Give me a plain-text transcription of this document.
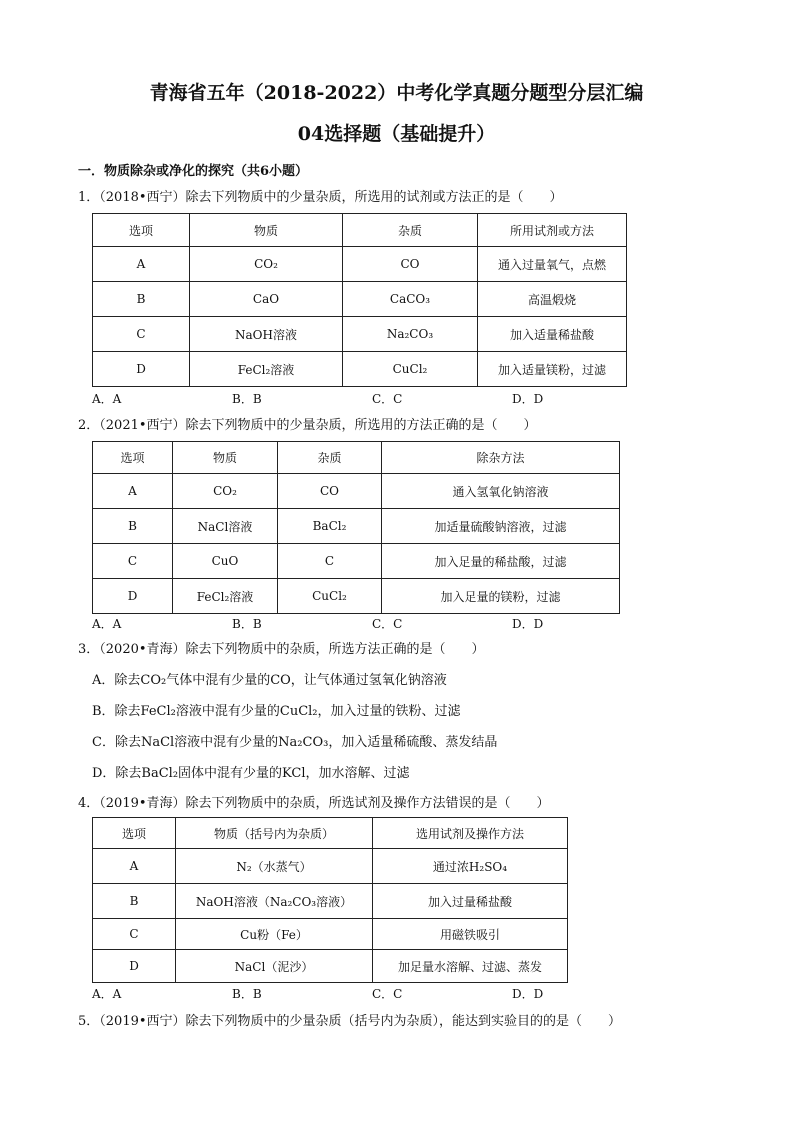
青海省五年（2018-2022）中考化学真题分题型分层汇编
04选择题（基础提升）
一．物质除杂或净化的探究（共6小题）
1．（2018•西宁）除去下列物质中的少量杂质，所选用的试剂或方法正的是（　　）
选项	物质	杂质	所用试剂或方法
A	CO₂	CO	通入过量氧气，点燃
B	CaO	CaCO₃	高温煅烧
C	NaOH溶液	Na₂CO₃	加入适量稀盐酸
D	FeCl₂溶液	CuCl₂	加入适量镁粉，过滤
A．A	B．B	C．C	D．D
2．（2021•西宁）除去下列物质中的少量杂质，所选用的方法正确的是（　　）
选项	物质	杂质	除杂方法
A	CO₂	CO	通入氢氧化钠溶液
B	NaCl溶液	BaCl₂	加适量硫酸钠溶液，过滤
C	CuO	C	加入足量的稀盐酸，过滤
D	FeCl₂溶液	CuCl₂	加入足量的镁粉，过滤
A．A	B．B	C．C	D．D
3．（2020•青海）除去下列物质中的杂质，所选方法正确的是（　　）
A．除去CO₂气体中混有少量的CO，让气体通过氢氧化钠溶液
B．除去FeCl₂溶液中混有少量的CuCl₂，加入过量的铁粉、过滤
C．除去NaCl溶液中混有少量的Na₂CO₃，加入适量稀硫酸、蒸发结晶
D．除去BaCl₂固体中混有少量的KCl，加水溶解、过滤
4．（2019•青海）除去下列物质中的杂质，所选试剂及操作方法错误的是（　　）
选项	物质（括号内为杂质）	选用试剂及操作方法
A	N₂（水蒸气）	通过浓H₂SO₄
B	NaOH溶液（Na₂CO₃溶液）	加入过量稀盐酸
C	Cu粉（Fe）	用磁铁吸引
D	NaCl（泥沙）	加足量水溶解、过滤、蒸发
A．A	B．B	C．C	D．D
5．（2019•西宁）除去下列物质中的少量杂质（括号内为杂质），能达到实验目的的是（　　）
